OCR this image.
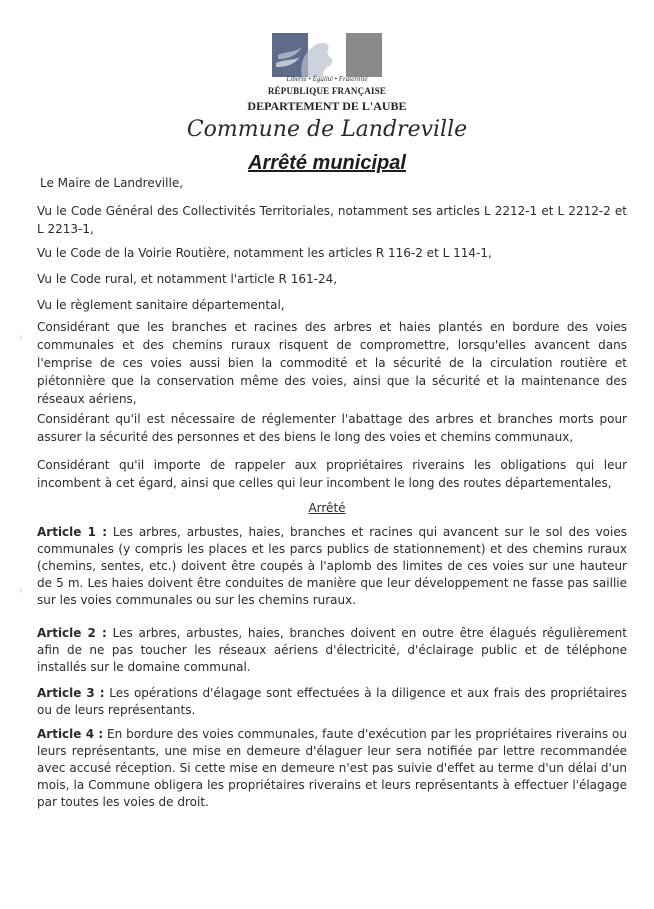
Liberté • Égalité • Fraternité
RÉPUBLIQUE FRANÇAISE
DEPARTEMENT DE L'AUBE
Commune de Landreville
Arrêté municipal

Le Maire de Landreville,

Vu le Code Général des Collectivités Territoriales, notamment ses articles L 2212-1 et L 2212-2 et L 2213-1,

Vu le Code de la Voirie Routière, notamment les articles R 116-2 et L 114-1,

Vu le Code rural, et notamment l'article R 161-24,

Vu le règlement sanitaire départemental,

Considérant que les branches et racines des arbres et haies plantés en bordure des voies communales et des chemins ruraux risquent de compromettre, lorsqu'elles avancent dans l'emprise de ces voies aussi bien la commodité et la sécurité de la circulation routière et piétonnière que la conservation même des voies, ainsi que la sécurité et la maintenance des réseaux aériens,

Considérant qu'il est nécessaire de réglementer l'abattage des arbres et branches morts pour assurer la sécurité des personnes et des biens le long des voies et chemins communaux,

Considérant qu'il importe de rappeler aux propriétaires riverains les obligations qui leur incombent à cet égard, ainsi que celles qui leur incombent le long des routes départementales,

Arrêté

Article 1 : Les arbres, arbustes, haies, branches et racines qui avancent sur le sol des voies communales (y compris les places et les parcs publics de stationnement) et des chemins ruraux (chemins, sentes, etc.) doivent être coupés à l'aplomb des limites de ces voies sur une hauteur de 5 m. Les haies doivent être conduites de manière que leur développement ne fasse pas saillie sur les voies communales ou sur les chemins ruraux.

Article 2 : Les arbres, arbustes, haies, branches doivent en outre être élagués régulièrement afin de ne pas toucher les réseaux aériens d'électricité, d'éclairage public et de téléphone installés sur le domaine communal.

Article 3 : Les opérations d'élagage sont effectuées à la diligence et aux frais des propriétaires ou de leurs représentants.

Article 4 : En bordure des voies communales, faute d'exécution par les propriétaires riverains ou leurs représentants, une mise en demeure d'élaguer leur sera notifiée par lettre recommandée avec accusé réception. Si cette mise en demeure n'est pas suivie d'effet au terme d'un délai d'un mois, la Commune obligera les propriétaires riverains et leurs représentants à effectuer l'élagage par toutes les voies de droit.
